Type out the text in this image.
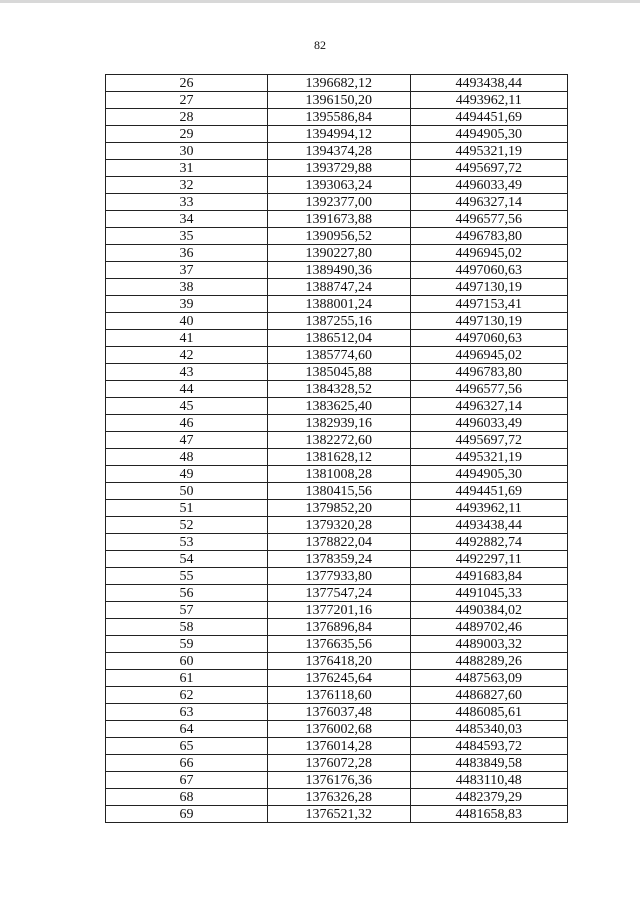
82
26	1396682,12	4493438,44
27	1396150,20	4493962,11
28	1395586,84	4494451,69
29	1394994,12	4494905,30
30	1394374,28	4495321,19
31	1393729,88	4495697,72
32	1393063,24	4496033,49
33	1392377,00	4496327,14
34	1391673,88	4496577,56
35	1390956,52	4496783,80
36	1390227,80	4496945,02
37	1389490,36	4497060,63
38	1388747,24	4497130,19
39	1388001,24	4497153,41
40	1387255,16	4497130,19
41	1386512,04	4497060,63
42	1385774,60	4496945,02
43	1385045,88	4496783,80
44	1384328,52	4496577,56
45	1383625,40	4496327,14
46	1382939,16	4496033,49
47	1382272,60	4495697,72
48	1381628,12	4495321,19
49	1381008,28	4494905,30
50	1380415,56	4494451,69
51	1379852,20	4493962,11
52	1379320,28	4493438,44
53	1378822,04	4492882,74
54	1378359,24	4492297,11
55	1377933,80	4491683,84
56	1377547,24	4491045,33
57	1377201,16	4490384,02
58	1376896,84	4489702,46
59	1376635,56	4489003,32
60	1376418,20	4488289,26
61	1376245,64	4487563,09
62	1376118,60	4486827,60
63	1376037,48	4486085,61
64	1376002,68	4485340,03
65	1376014,28	4484593,72
66	1376072,28	4483849,58
67	1376176,36	4483110,48
68	1376326,28	4482379,29
69	1376521,32	4481658,83
